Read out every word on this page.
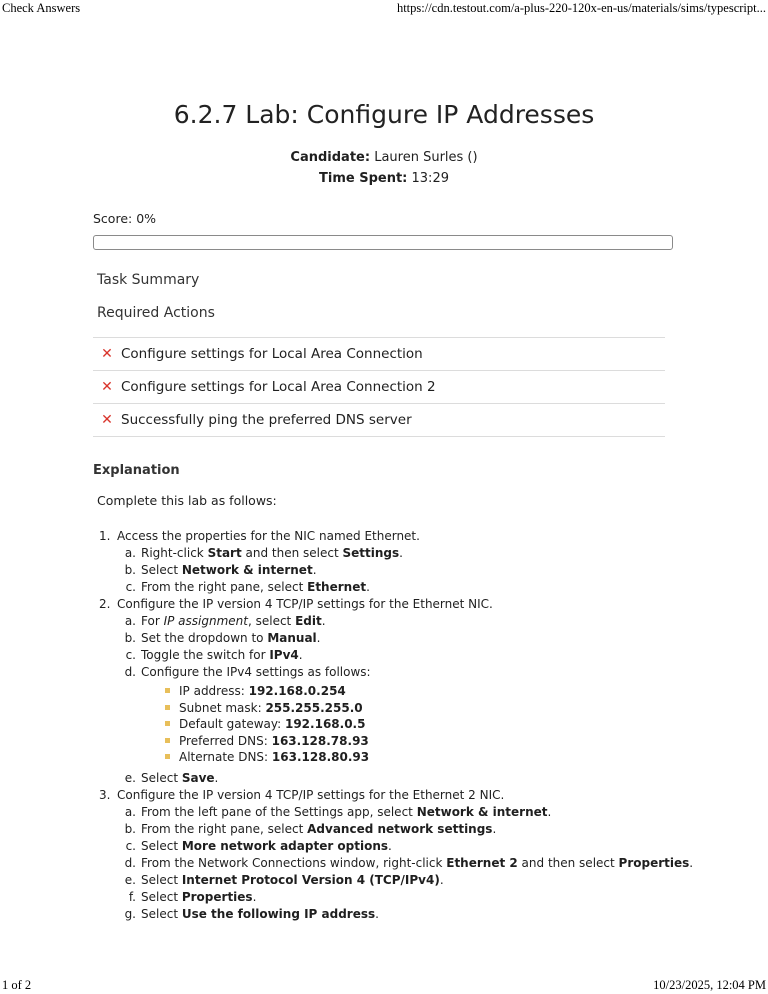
Check Answers	https://cdn.testout.com/a-plus-220-120x-en-us/materials/sims/typescript...
6.2.7 Lab: Configure IP Addresses
Candidate: Lauren Surles ()
Time Spent: 13:29
Score: 0%
Task Summary
Required Actions
✕ Configure settings for Local Area Connection
✕ Configure settings for Local Area Connection 2
✕ Successfully ping the preferred DNS server
Explanation
Complete this lab as follows:
1. Access the properties for the NIC named Ethernet.
a. Right-click Start and then select Settings.
b. Select Network & internet.
c. From the right pane, select Ethernet.
2. Configure the IP version 4 TCP/IP settings for the Ethernet NIC.
a. For IP assignment, select Edit.
b. Set the dropdown to Manual.
c. Toggle the switch for IPv4.
d. Configure the IPv4 settings as follows:
IP address: 192.168.0.254
Subnet mask: 255.255.255.0
Default gateway: 192.168.0.5
Preferred DNS: 163.128.78.93
Alternate DNS: 163.128.80.93
e. Select Save.
3. Configure the IP version 4 TCP/IP settings for the Ethernet 2 NIC.
a. From the left pane of the Settings app, select Network & internet.
b. From the right pane, select Advanced network settings.
c. Select More network adapter options.
d. From the Network Connections window, right-click Ethernet 2 and then select Properties.
e. Select Internet Protocol Version 4 (TCP/IPv4).
f. Select Properties.
g. Select Use the following IP address.
1 of 2	10/23/2025, 12:04 PM
